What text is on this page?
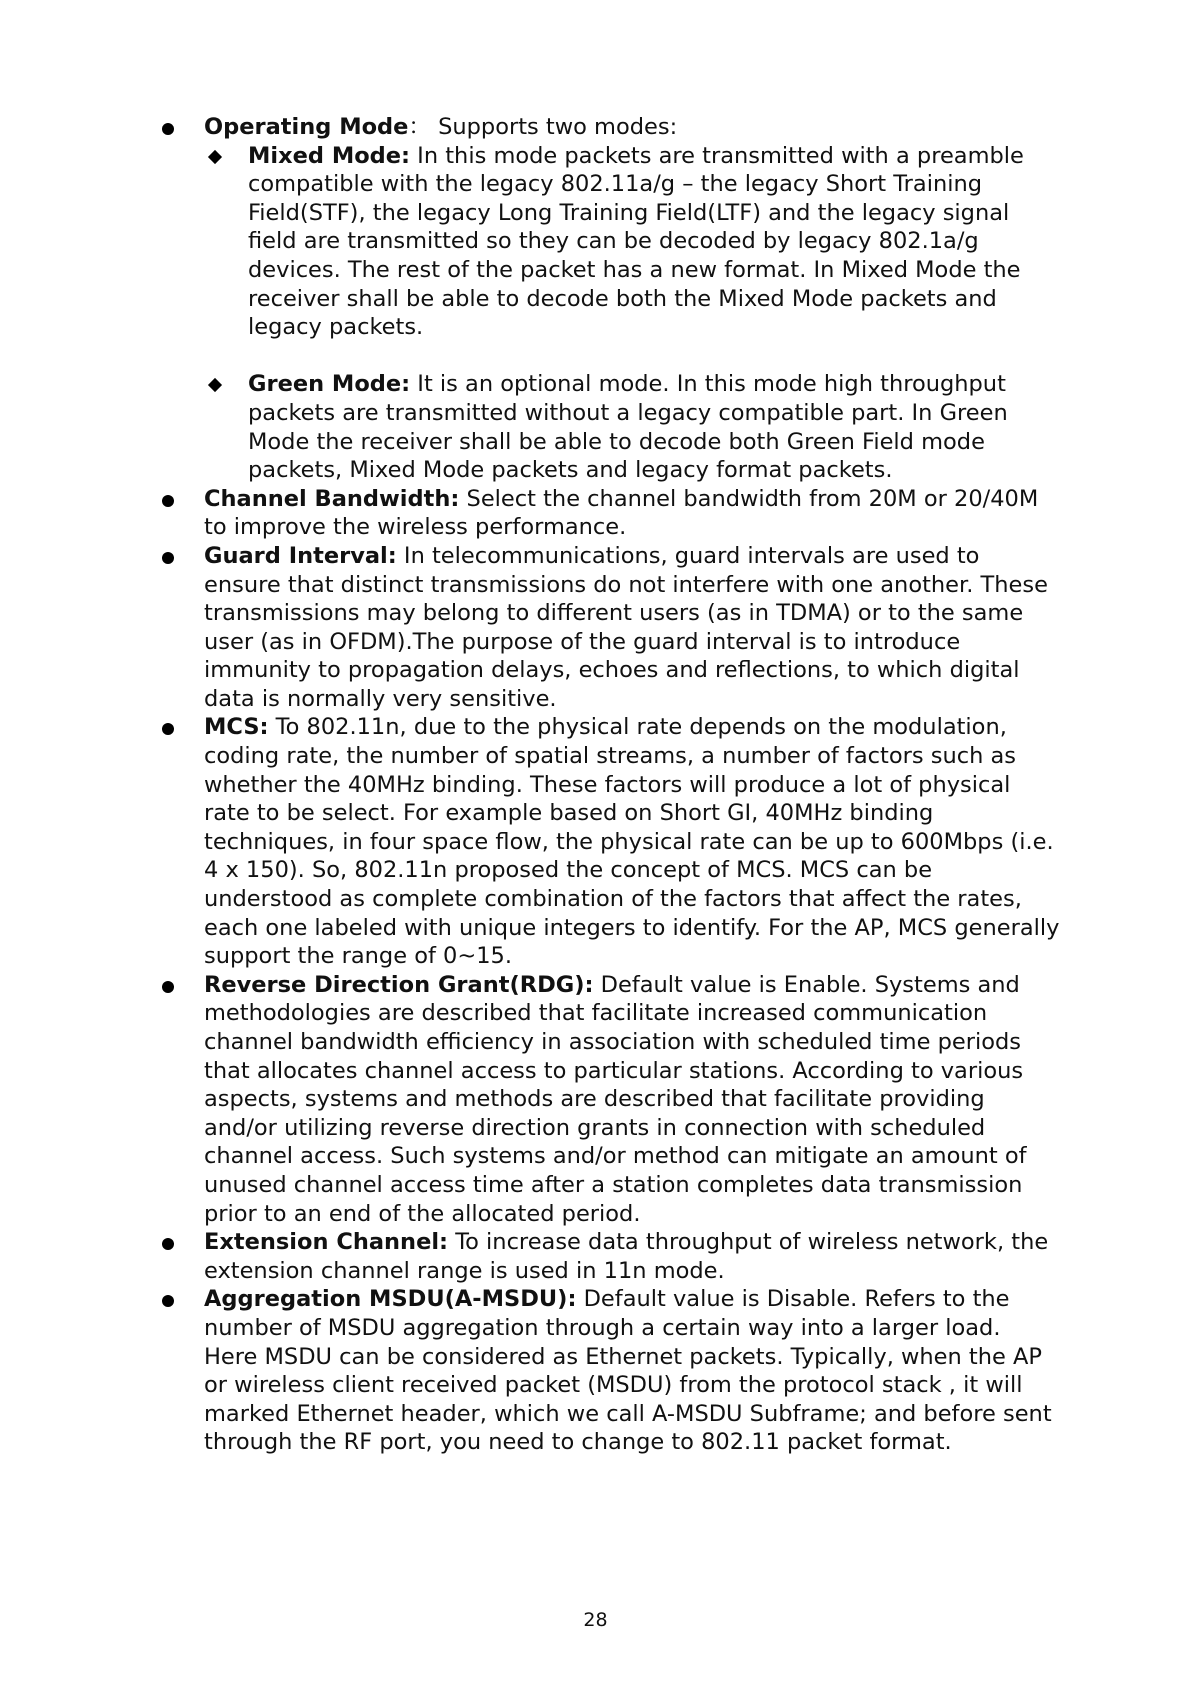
Operating Mode： Supports two modes:
Mixed Mode: In this mode packets are transmitted with a preamble compatible with the legacy 802.11a/g – the legacy Short Training Field(STF), the legacy Long Training Field(LTF) and the legacy signal field are transmitted so they can be decoded by legacy 802.1a/g devices. The rest of the packet has a new format. In Mixed Mode the receiver shall be able to decode both the Mixed Mode packets and legacy packets.
Green Mode: It is an optional mode. In this mode high throughput packets are transmitted without a legacy compatible part. In Green Mode the receiver shall be able to decode both Green Field mode packets, Mixed Mode packets and legacy format packets.
Channel Bandwidth: Select the channel bandwidth from 20M or 20/40M to improve the wireless performance.
Guard Interval: In telecommunications, guard intervals are used to ensure that distinct transmissions do not interfere with one another. These transmissions may belong to different users (as in TDMA) or to the same user (as in OFDM).The purpose of the guard interval is to introduce immunity to propagation delays, echoes and reflections, to which digital data is normally very sensitive.
MCS: To 802.11n, due to the physical rate depends on the modulation, coding rate, the number of spatial streams, a number of factors such as whether the 40MHz binding. These factors will produce a lot of physical rate to be select. For example based on Short GI, 40MHz binding techniques, in four space flow, the physical rate can be up to 600Mbps (i.e. 4 x 150). So, 802.11n proposed the concept of MCS. MCS can be understood as complete combination of the factors that affect the rates, each one labeled with unique integers to identify. For the AP, MCS generally support the range of 0~15.
Reverse Direction Grant(RDG): Default value is Enable. Systems and methodologies are described that facilitate increased communication channel bandwidth efficiency in association with scheduled time periods that allocates channel access to particular stations. According to various aspects, systems and methods are described that facilitate providing and/or utilizing reverse direction grants in connection with scheduled channel access. Such systems and/or method can mitigate an amount of unused channel access time after a station completes data transmission prior to an end of the allocated period.
Extension Channel: To increase data throughput of wireless network, the extension channel range is used in 11n mode.
Aggregation MSDU(A-MSDU): Default value is Disable. Refers to the number of MSDU aggregation through a certain way into a larger load. Here MSDU can be considered as Ethernet packets. Typically, when the AP or wireless client received packet (MSDU) from the protocol stack , it will marked Ethernet header, which we call A-MSDU Subframe; and before sent through the RF port, you need to change to 802.11 packet format.
28
